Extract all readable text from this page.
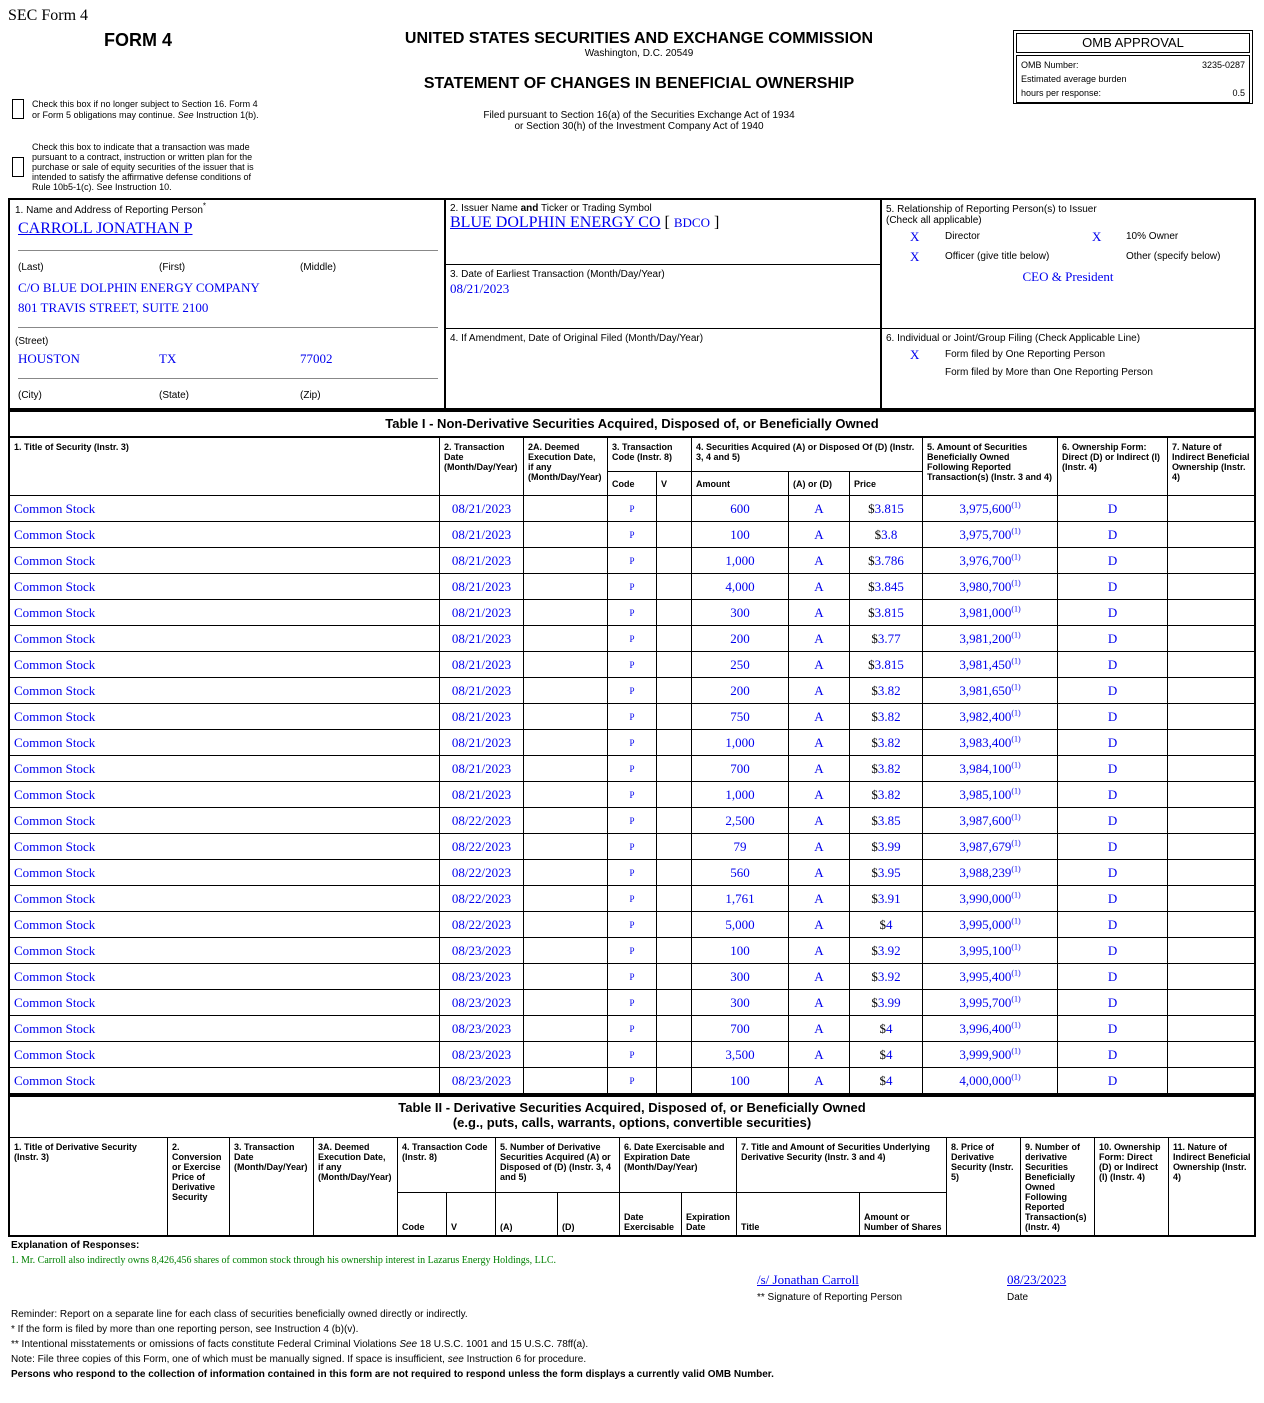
SEC Form 4
FORM 4	UNITED STATES SECURITIES AND EXCHANGE COMMISSION
Washington, D.C. 20549
STATEMENT OF CHANGES IN BENEFICIAL OWNERSHIP
Filed pursuant to Section 16(a) of the Securities Exchange Act of 1934
or Section 30(h) of the Investment Company Act of 1940
Check this box if no longer subject to Section 16. Form 4
or Form 5 obligations may continue. See Instruction 1(b).
Check this box to indicate that a transaction was made
pursuant to a contract, instruction or written plan for the
purchase or sale of equity securities of the issuer that is
intended to satisfy the affirmative defense conditions of
Rule 10b5-1(c). See Instruction 10.
OMB APPROVAL
OMB Number:	3235-0287
Estimated average burden
hours per response:	0.5
1. Name and Address of Reporting Person*
CARROLL JONATHAN P
(Last)	(First)	(Middle)
C/O BLUE DOLPHIN ENERGY COMPANY
801 TRAVIS STREET, SUITE 2100
(Street)
HOUSTON	TX	77002
(City)	(State)	(Zip)
2. Issuer Name and Ticker or Trading Symbol
BLUE DOLPHIN ENERGY CO [ BDCO ]
3. Date of Earliest Transaction (Month/Day/Year)
08/21/2023
4. If Amendment, Date of Original Filed (Month/Day/Year)
5. Relationship of Reporting Person(s) to Issuer
(Check all applicable)
X	Director	X 10% Owner
X	Officer (give title below)	Other (specify below)
CEO & President
6. Individual or Joint/Group Filing (Check Applicable Line)
X	Form filed by One Reporting Person
Form filed by More than One Reporting Person
Table I - Non-Derivative Securities Acquired, Disposed of, or Beneficially Owned
1. Title of Security (Instr. 3)	2. Transaction Date (Month/Day/Year)	2A. Deemed Execution Date, if any (Month/Day/Year)	3. Transaction Code (Instr. 8)		4. Securities Acquired (A) or Disposed Of (D) (Instr. 3, 4 and 5)			5. Amount of Securities Beneficially Owned Following Reported Transaction(s) (Instr. 3 and 4)	6. Ownership Form: Direct (D) or Indirect (I) (Instr. 4)	7. Nature of Indirect Beneficial Ownership (Instr. 4)
			Code	V	Amount	(A) or (D)	Price			
Common Stock	08/21/2023		P		600	A	$3.815	3,975,600$^{(1)}$	D	
Common Stock	08/21/2023		P		100	A	$3.8	3,975,700$^{(1)}$	D	
Common Stock	08/21/2023		P		1,000	A	$3.786	3,976,700$^{(1)}$	D	
Common Stock	08/21/2023		P		4,000	A	$3.845	3,980,700$^{(1)}$	D	
Common Stock	08/21/2023		P		300	A	$3.815	3,981,000$^{(1)}$	D	
Common Stock	08/21/2023		P		200	A	$3.77	3,981,200$^{(1)}$	D	
Common Stock	08/21/2023		P		250	A	$3.815	3,981,450$^{(1)}$	D	
Common Stock	08/21/2023		P		200	A	$3.82	3,981,650$^{(1)}$	D	
Common Stock	08/21/2023		P		750	A	$3.82	3,982,400$^{(1)}$	D	
Common Stock	08/21/2023		P		1,000	A	$3.82	3,983,400$^{(1)}$	D	
Common Stock	08/21/2023		P		700	A	$3.82	3,984,100$^{(1)}$	D	
Common Stock	08/21/2023		P		1,000	A	$3.82	3,985,100$^{(1)}$	D	
Common Stock	08/22/2023		P		2,500	A	$3.85	3,987,600$^{(1)}$	D	
Common Stock	08/22/2023		P		79	A	$3.99	3,987,679$^{(1)}$	D	
Common Stock	08/22/2023		P		560	A	$3.95	3,988,239$^{(1)}$	D	
Common Stock	08/22/2023		P		1,761	A	$3.91	3,990,000$^{(1)}$	D	
Common Stock	08/22/2023		P		5,000	A	$4	3,995,000$^{(1)}$	D	
Common Stock	08/23/2023		P		100	A	$3.92	3,995,100$^{(1)}$	D	
Common Stock	08/23/2023		P		300	A	$3.92	3,995,400$^{(1)}$	D	
Common Stock	08/23/2023		P		300	A	$3.99	3,995,700$^{(1)}$	D	
Common Stock	08/23/2023		P		700	A	$4	3,996,400$^{(1)}$	D	
Common Stock	08/23/2023		P		3,500	A	$4	3,999,900$^{(1)}$	D	
Common Stock	08/23/2023		P		100	A	$4	4,000,000$^{(1)}$	D	
Table II - Derivative Securities Acquired, Disposed of, or Beneficially Owned
(e.g., puts, calls, warrants, options, convertible securities)
1. Title of Derivative Security (Instr. 3)	2. Conversion or Exercise Price of Derivative Security	3. Transaction Date (Month/Day/Year)	3A. Deemed Execution Date, if any (Month/Day/Year)	4. Transaction Code (Instr. 8)		5. Number of Derivative Securities Acquired (A) or Disposed of (D) (Instr. 3, 4 and 5)		6. Date Exercisable and Expiration Date (Month/Day/Year)		7. Title and Amount of Securities Underlying Derivative Security (Instr. 3 and 4)		8. Price of Derivative Security (Instr. 5)	9. Number of derivative Securities Beneficially Owned Following Reported Transaction(s) (Instr. 4)	10. Ownership Form: Direct (D) or Indirect (I) (Instr. 4)	11. Nature of Indirect Beneficial Ownership (Instr. 4)
				Code	V	(A)	(D)	Date Exercisable	Expiration Date	Title	Amount or Number of Shares				
Explanation of Responses:
1. Mr. Carroll also indirectly owns 8,426,456 shares of common stock through his ownership interest in Lazarus Energy Holdings, LLC.
/s/ Jonathan Carroll	08/23/2023
** Signature of Reporting Person	Date
Reminder: Report on a separate line for each class of securities beneficially owned directly or indirectly.
* If the form is filed by more than one reporting person, see Instruction 4 (b)(v).
** Intentional misstatements or omissions of facts constitute Federal Criminal Violations See 18 U.S.C. 1001 and 15 U.S.C. 78ff(a).
Note: File three copies of this Form, one of which must be manually signed. If space is insufficient, see Instruction 6 for procedure.
Persons who respond to the collection of information contained in this form are not required to respond unless the form displays a currently valid OMB Number.
